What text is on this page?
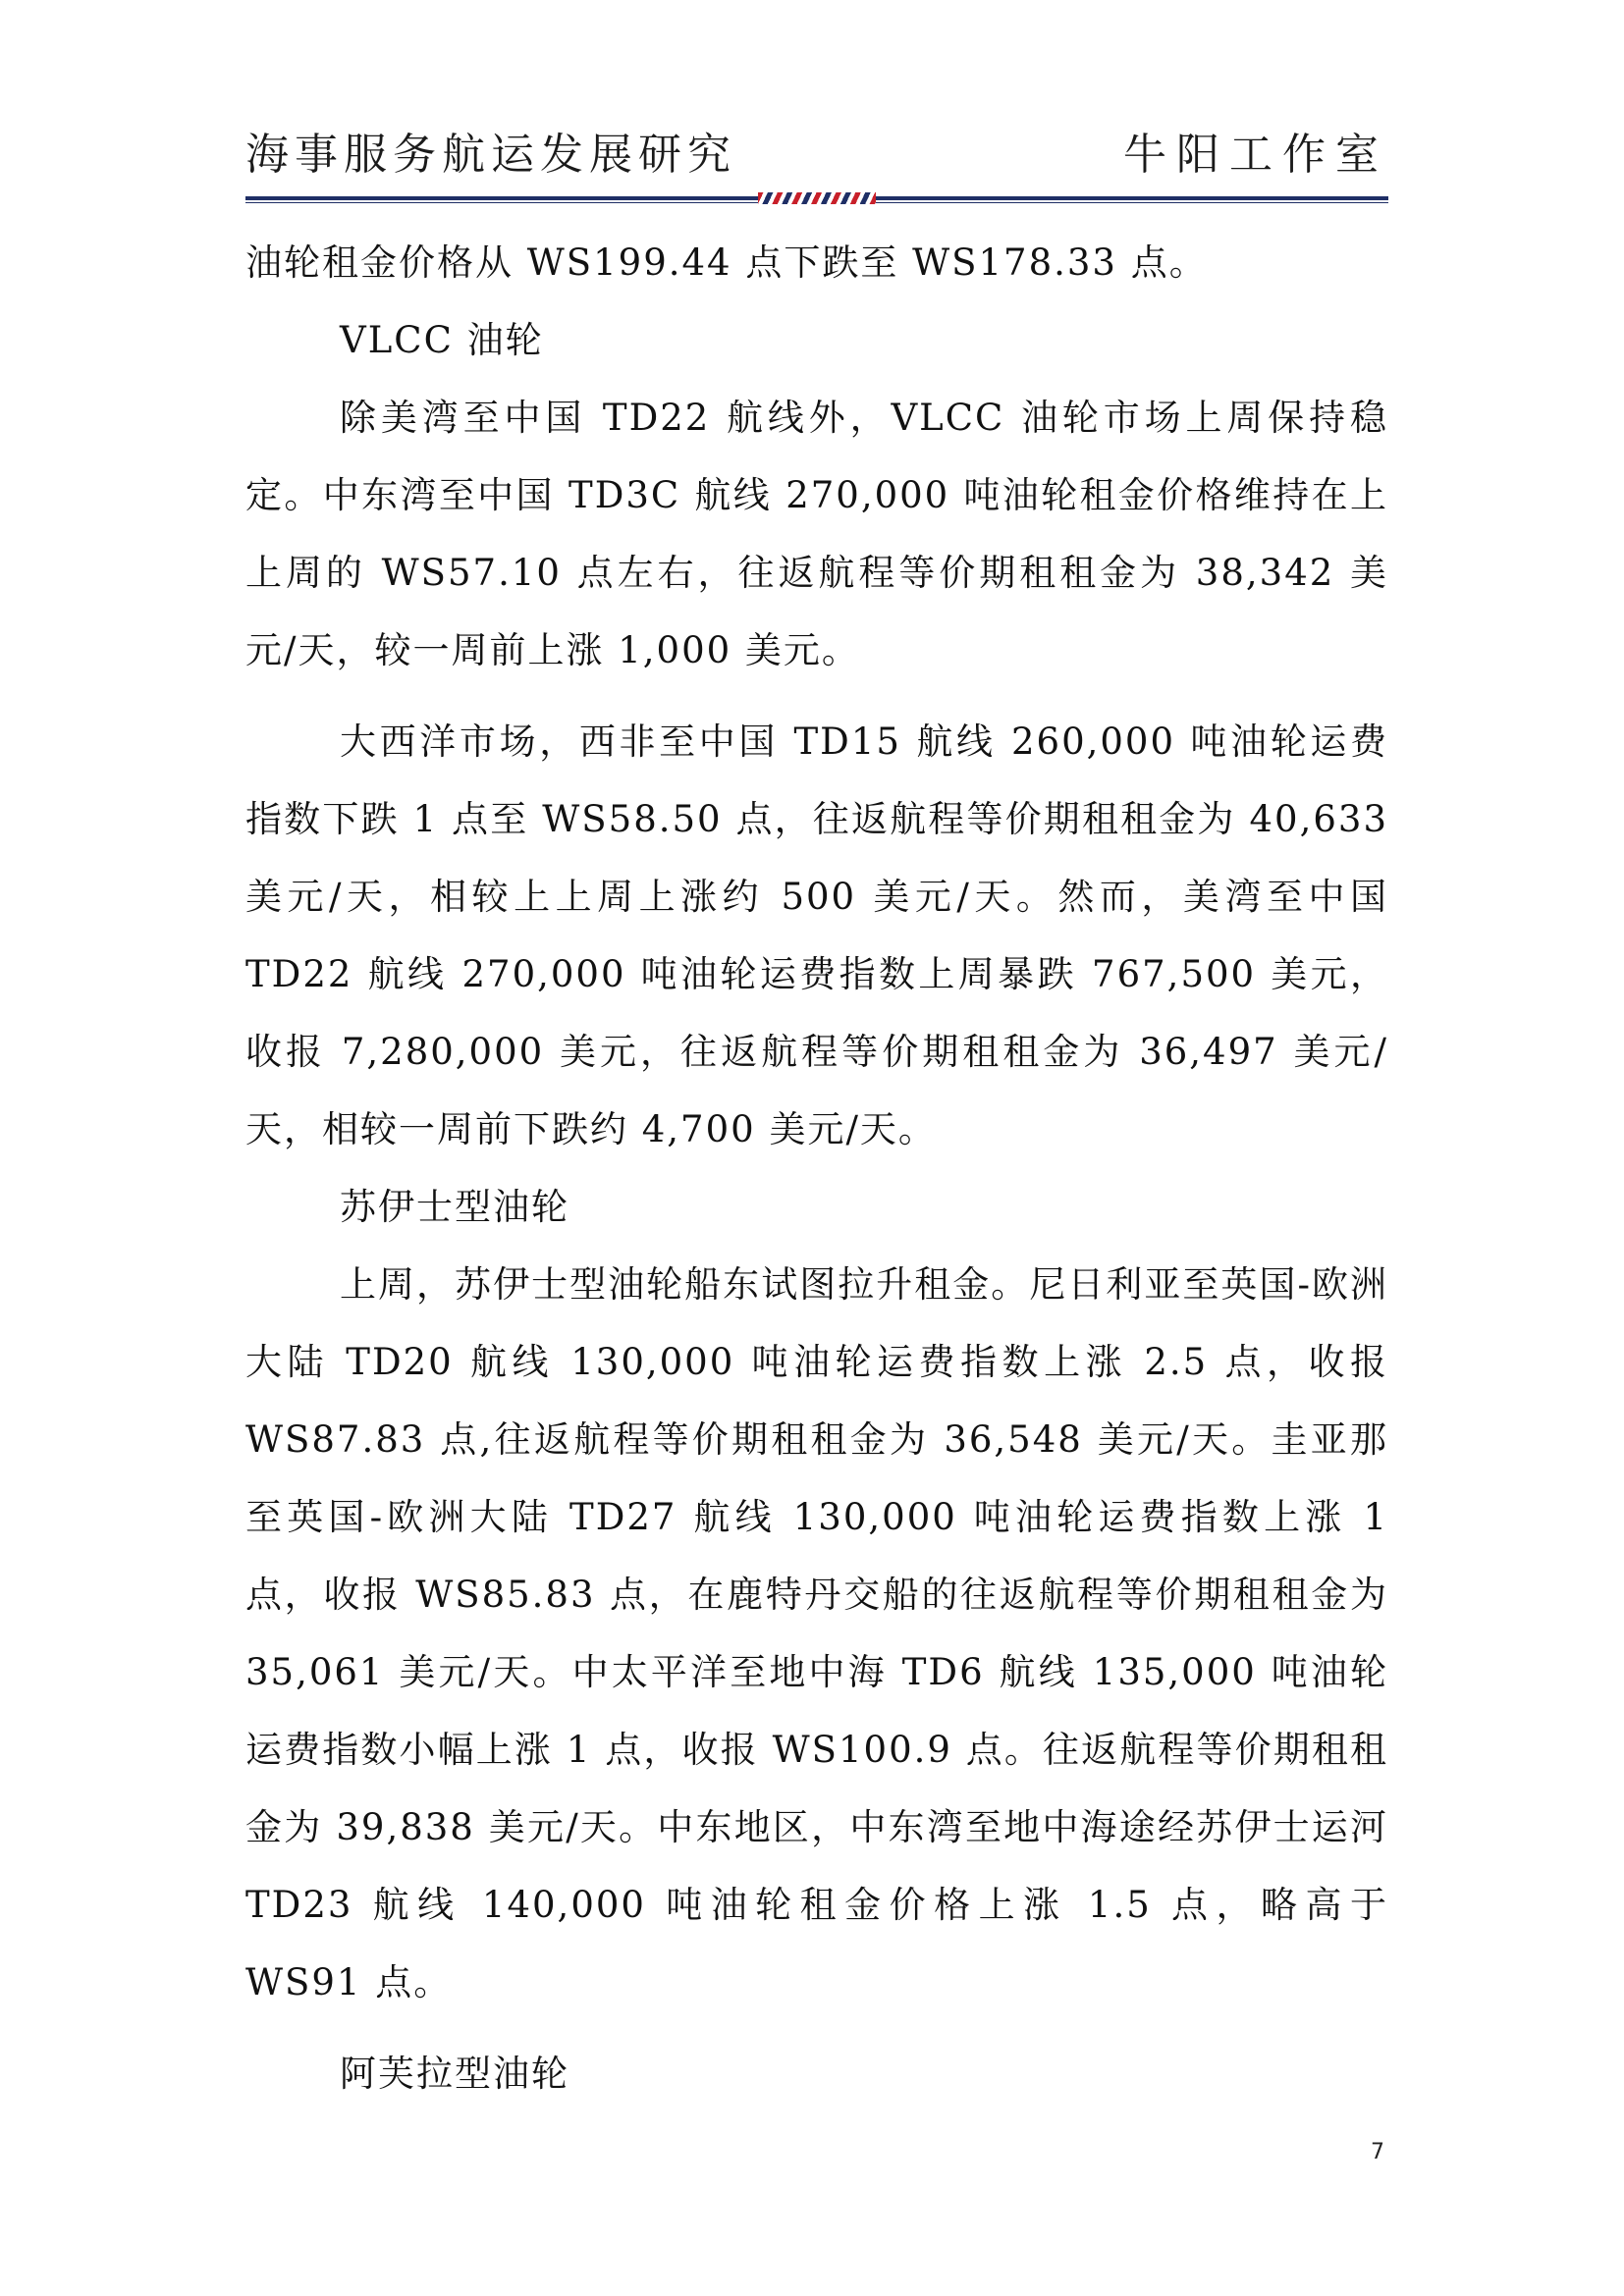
海事服务航运发展研究	牛阳工作室

油轮租金价格从 WS199.44 点下跌至 WS178.33 点。

VLCC 油轮

除美湾至中国 TD22 航线外，VLCC 油轮市场上周保持稳定。中东湾至中国 TD3C 航线 270,000 吨油轮租金价格维持在上上周的 WS57.10 点左右，往返航程等价期租租金为 38,342 美元/天，较一周前上涨 1,000 美元。

大西洋市场，西非至中国 TD15 航线 260,000 吨油轮运费指数下跌 1 点至 WS58.50 点，往返航程等价期租租金为 40,633 美元/天，相较上上周上涨约 500 美元/天。然而，美湾至中国 TD22 航线 270,000 吨油轮运费指数上周暴跌 767,500 美元，收报 7,280,000 美元，往返航程等价期租租金为 36,497 美元/天，相较一周前下跌约 4,700 美元/天。

苏伊士型油轮

上周，苏伊士型油轮船东试图拉升租金。尼日利亚至英国-欧洲大陆 TD20 航线 130,000 吨油轮运费指数上涨 2.5 点，收报 WS87.83 点,往返航程等价期租租金为 36,548 美元/天。圭亚那至英国-欧洲大陆 TD27 航线 130,000 吨油轮运费指数上涨 1 点，收报 WS85.83 点，在鹿特丹交船的往返航程等价期租租金为 35,061 美元/天。中太平洋至地中海 TD6 航线 135,000 吨油轮运费指数小幅上涨 1 点，收报 WS100.9 点。往返航程等价期租租金为 39,838 美元/天。中东地区，中东湾至地中海途经苏伊士运河 TD23 航线 140,000 吨油轮租金价格上涨 1.5 点，略高于 WS91 点。

阿芙拉型油轮

7
